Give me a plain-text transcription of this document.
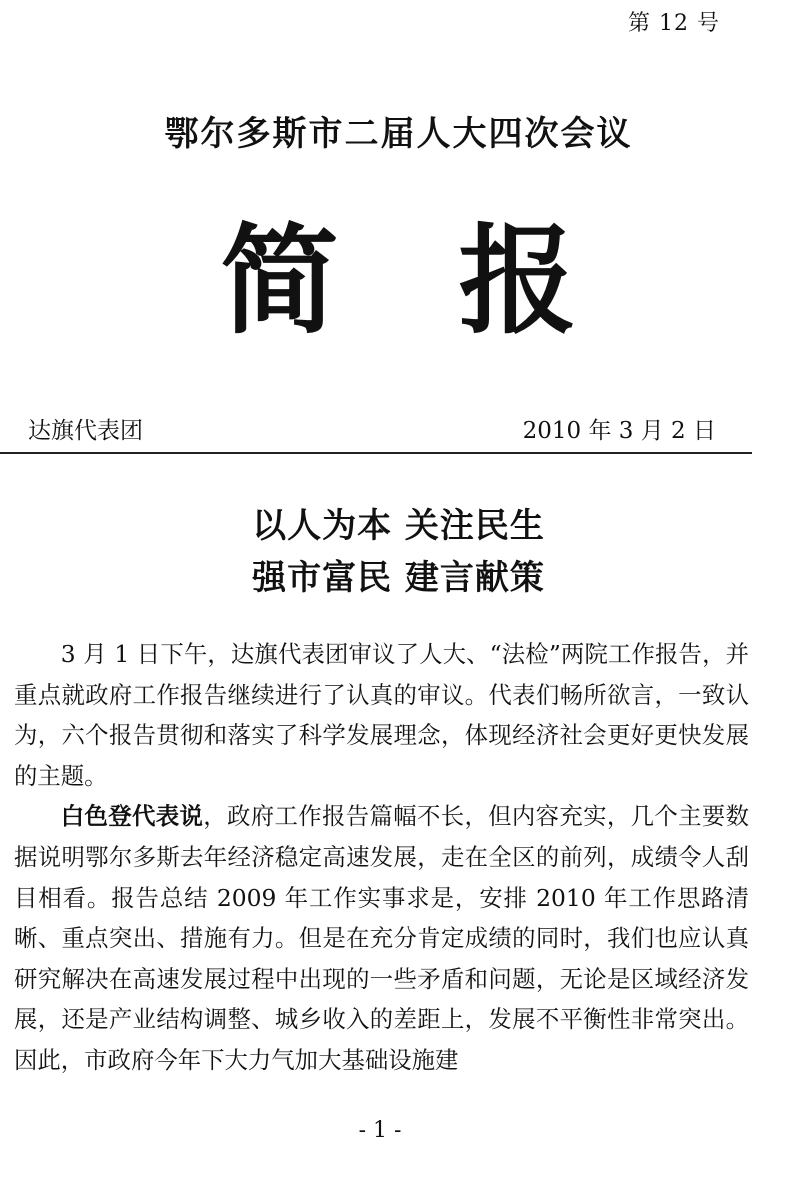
第 12 号
鄂尔多斯市二届人大四次会议
简 报
达旗代表团	2010 年 3 月 2 日
以人为本 关注民生
强市富民 建言献策

3 月 1 日下午，达旗代表团审议了人大、“法检”两院工作报告，并重点就政府工作报告继续进行了认真的审议。代表们畅所欲言，一致认为，六个报告贯彻和落实了科学发展理念，体现经济社会更好更快发展的主题。

白色登代表说，政府工作报告篇幅不长，但内容充实，几个主要数据说明鄂尔多斯去年经济稳定高速发展，走在全区的前列，成绩令人刮目相看。报告总结 2009 年工作实事求是，安排 2010 年工作思路清晰、重点突出、措施有力。但是在充分肯定成绩的同时，我们也应认真研究解决在高速发展过程中出现的一些矛盾和问题，无论是区域经济发展，还是产业结构调整、城乡收入的差距上，发展不平衡性非常突出。因此，市政府今年下大力气加大基础设施建

- 1 -
